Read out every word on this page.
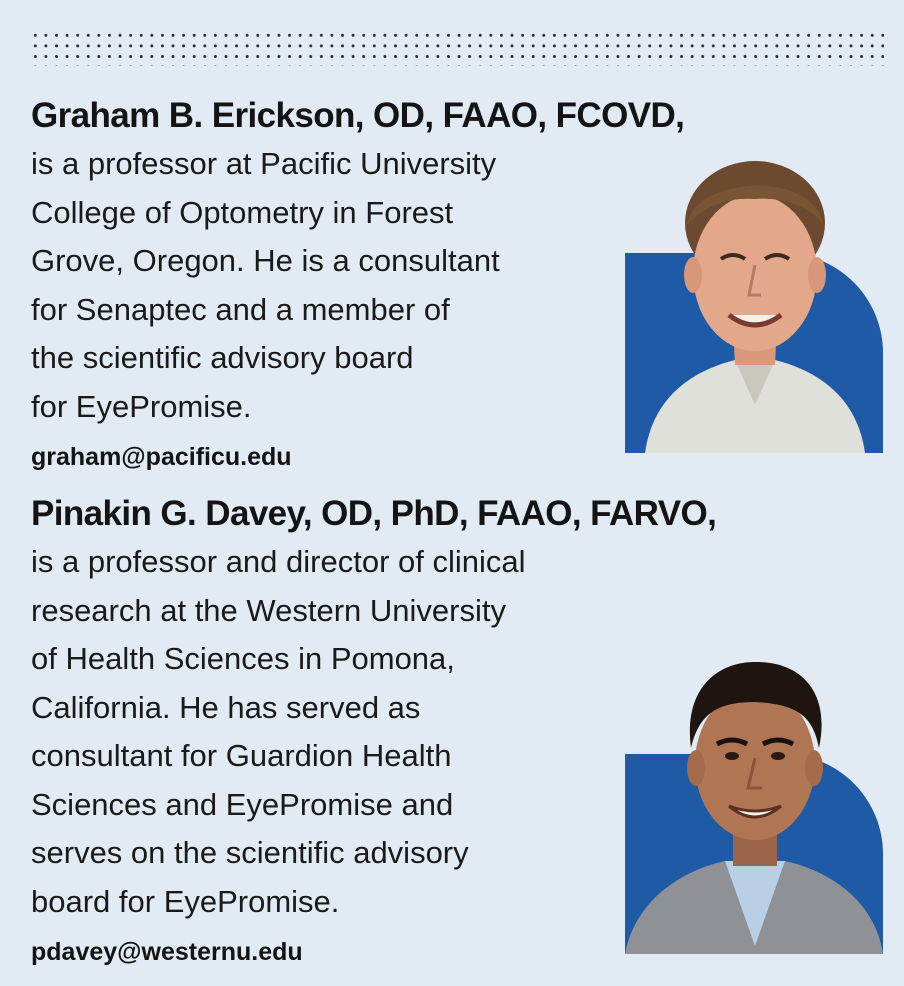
Graham B. Erickson, OD, FAAO, FCOVD,
is a professor at Pacific University
College of Optometry in Forest
Grove, Oregon. He is a consultant
for Senaptec and a member of
the scientific advisory board
for EyePromise.
graham@pacificu.edu
Pinakin G. Davey, OD, PhD, FAAO, FARVO,
is a professor and director of clinical
research at the Western University
of Health Sciences in Pomona,
California. He has served as
consultant for Guardion Health
Sciences and EyePromise and
serves on the scientific advisory
board for EyePromise.
pdavey@westernu.edu
